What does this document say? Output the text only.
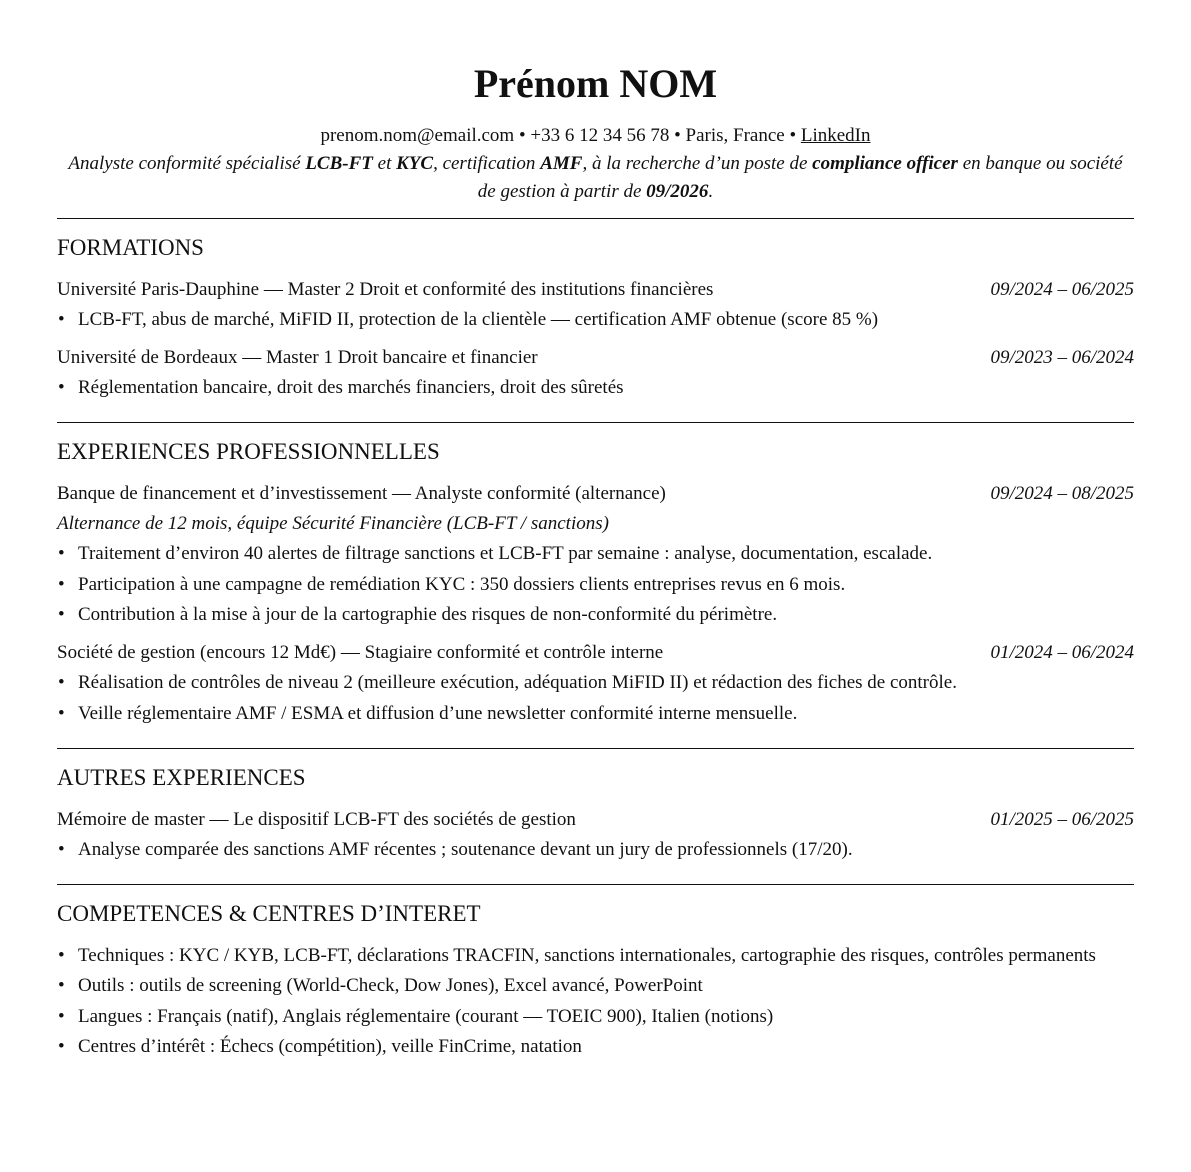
Prénom NOM
prenom.nom@email.com • +33 6 12 34 56 78 • Paris, France • LinkedIn
Analyste conformité spécialisé LCB-FT et KYC, certification AMF, à la recherche d’un poste de compliance officer en banque ou société de gestion à partir de 09/2026.
FORMATIONS
Université Paris-Dauphine — Master 2 Droit et conformité des institutions financières	09/2024 – 06/2025
• LCB-FT, abus de marché, MiFID II, protection de la clientèle — certification AMF obtenue (score 85 %)
Université de Bordeaux — Master 1 Droit bancaire et financier	09/2023 – 06/2024
• Réglementation bancaire, droit des marchés financiers, droit des sûretés
EXPERIENCES PROFESSIONNELLES
Banque de financement et d’investissement — Analyste conformité (alternance)	09/2024 – 08/2025
Alternance de 12 mois, équipe Sécurité Financière (LCB-FT / sanctions)
• Traitement d’environ 40 alertes de filtrage sanctions et LCB-FT par semaine : analyse, documentation, escalade.
• Participation à une campagne de remédiation KYC : 350 dossiers clients entreprises revus en 6 mois.
• Contribution à la mise à jour de la cartographie des risques de non-conformité du périmètre.
Société de gestion (encours 12 Md€) — Stagiaire conformité et contrôle interne	01/2024 – 06/2024
• Réalisation de contrôles de niveau 2 (meilleure exécution, adéquation MiFID II) et rédaction des fiches de contrôle.
• Veille réglementaire AMF / ESMA et diffusion d’une newsletter conformité interne mensuelle.
AUTRES EXPERIENCES
Mémoire de master — Le dispositif LCB-FT des sociétés de gestion	01/2025 – 06/2025
• Analyse comparée des sanctions AMF récentes ; soutenance devant un jury de professionnels (17/20).
COMPETENCES & CENTRES D’INTERET
• Techniques : KYC / KYB, LCB-FT, déclarations TRACFIN, sanctions internationales, cartographie des risques, contrôles permanents
• Outils : outils de screening (World-Check, Dow Jones), Excel avancé, PowerPoint
• Langues : Français (natif), Anglais réglementaire (courant — TOEIC 900), Italien (notions)
• Centres d’intérêt : Échecs (compétition), veille FinCrime, natation
